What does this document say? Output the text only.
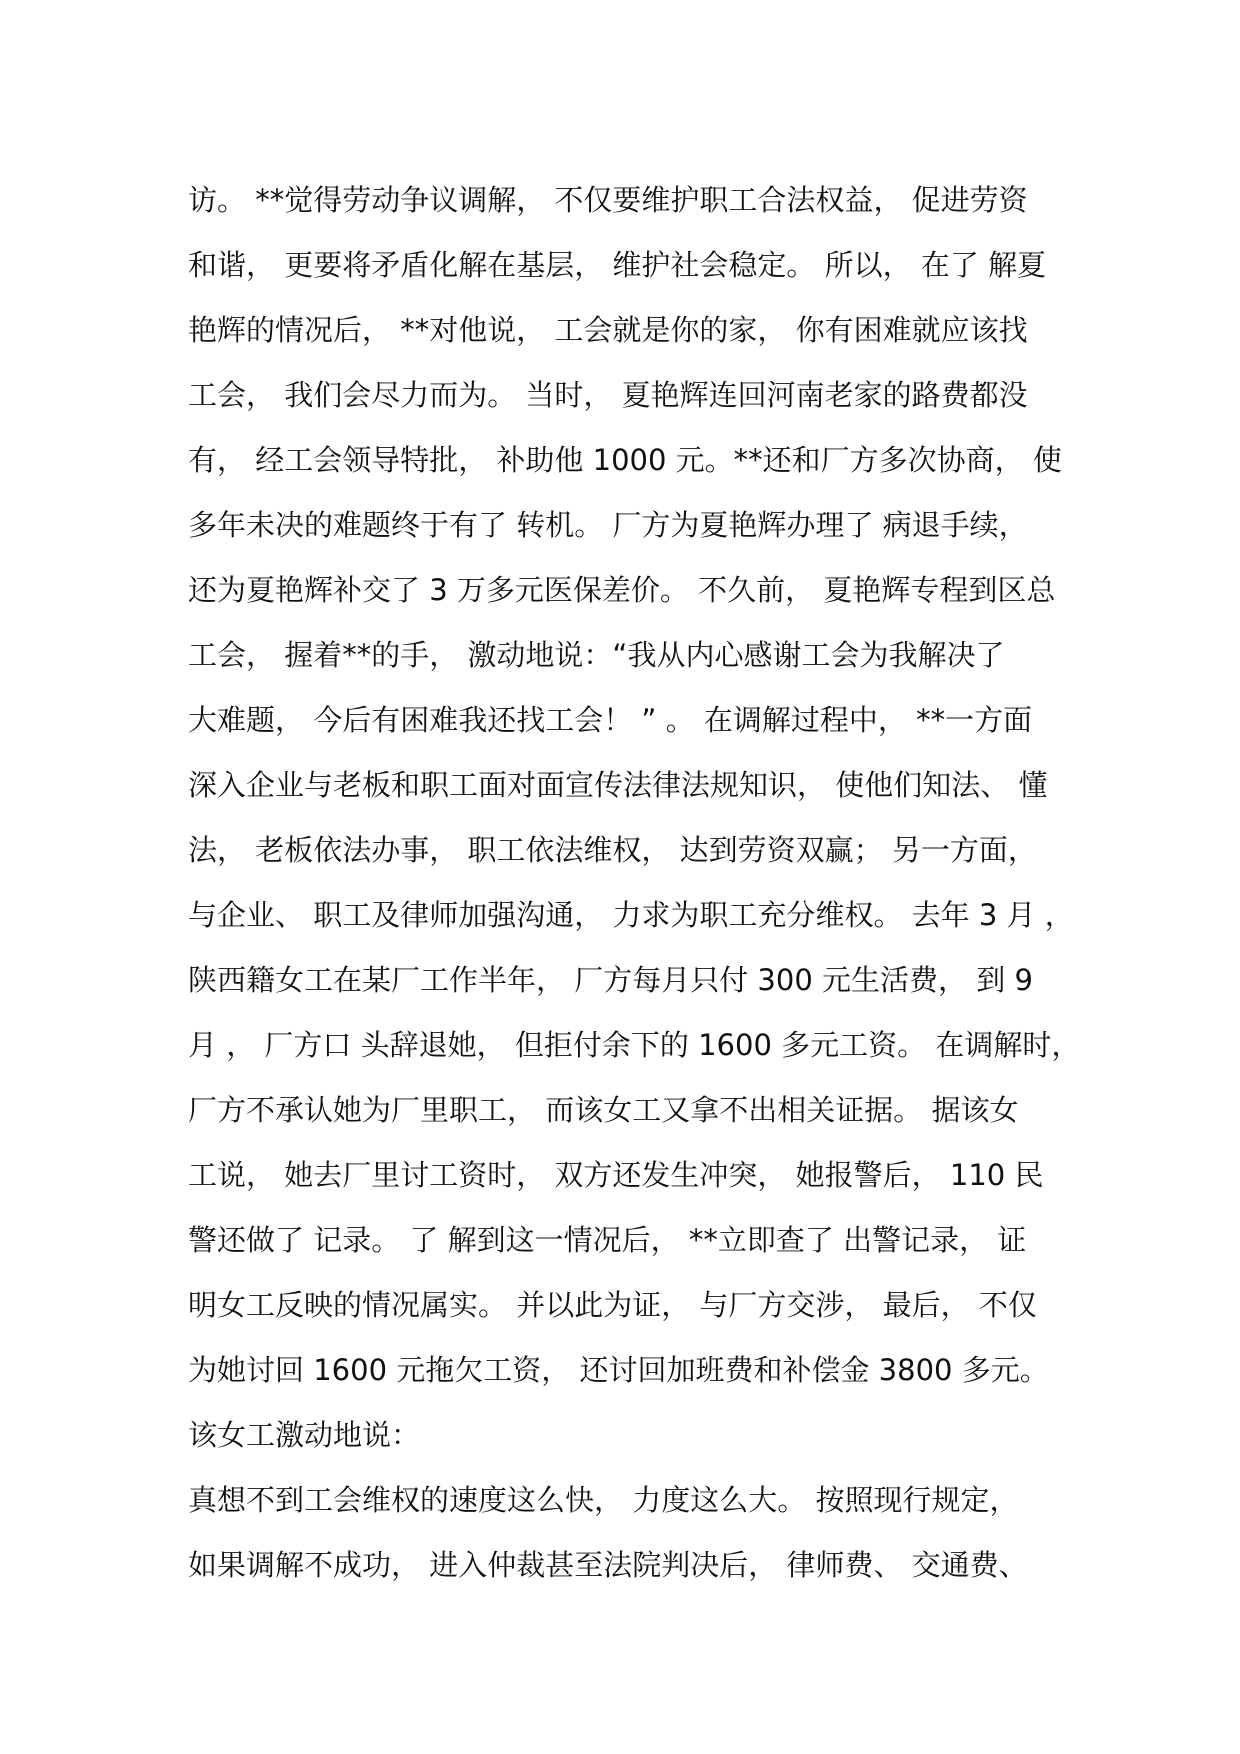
访。 **觉得劳动争议调解， 不仅要维护职工合法权益， 促进劳资
和谐， 更要将矛盾化解在基层， 维护社会稳定。 所以， 在了 解夏
艳辉的情况后， **对他说， 工会就是你的家， 你有困难就应该找
工会， 我们会尽力而为。 当时， 夏艳辉连回河南老家的路费都没
有， 经工会领导特批， 补助他 1000 元。**还和厂方多次协商， 使
多年未决的难题终于有了 转机。 厂方为夏艳辉办理了 病退手续，
还为夏艳辉补交了 3 万多元医保差价。 不久前， 夏艳辉专程到区总
工会， 握着**的手， 激动地说：“我从内心感谢工会为我解决了
大难题， 今后有困难我还找工会！ ” 。 在调解过程中， **一方面
深入企业与老板和职工面对面宣传法律法规知识， 使他们知法、 懂
法， 老板依法办事， 职工依法维权， 达到劳资双赢； 另一方面，
与企业、 职工及律师加强沟通， 力求为职工充分维权。 去年 3 月 ，
陕西籍女工在某厂工作半年， 厂方每月只付 300 元生活费， 到 9
月 ， 厂方口 头辞退她， 但拒付余下的 1600 多元工资。 在调解时，
厂方不承认她为厂里职工， 而该女工又拿不出相关证据。 据该女
工说， 她去厂里讨工资时， 双方还发生冲突， 她报警后， 110 民
警还做了 记录。 了 解到这一情况后， **立即查了 出警记录， 证
明女工反映的情况属实。 并以此为证， 与厂方交涉， 最后， 不仅
为她讨回 1600 元拖欠工资， 还讨回加班费和补偿金 3800 多元。
该女工激动地说：
真想不到工会维权的速度这么快， 力度这么大。 按照现行规定，
如果调解不成功， 进入仲裁甚至法院判决后， 律师费、 交通费、
